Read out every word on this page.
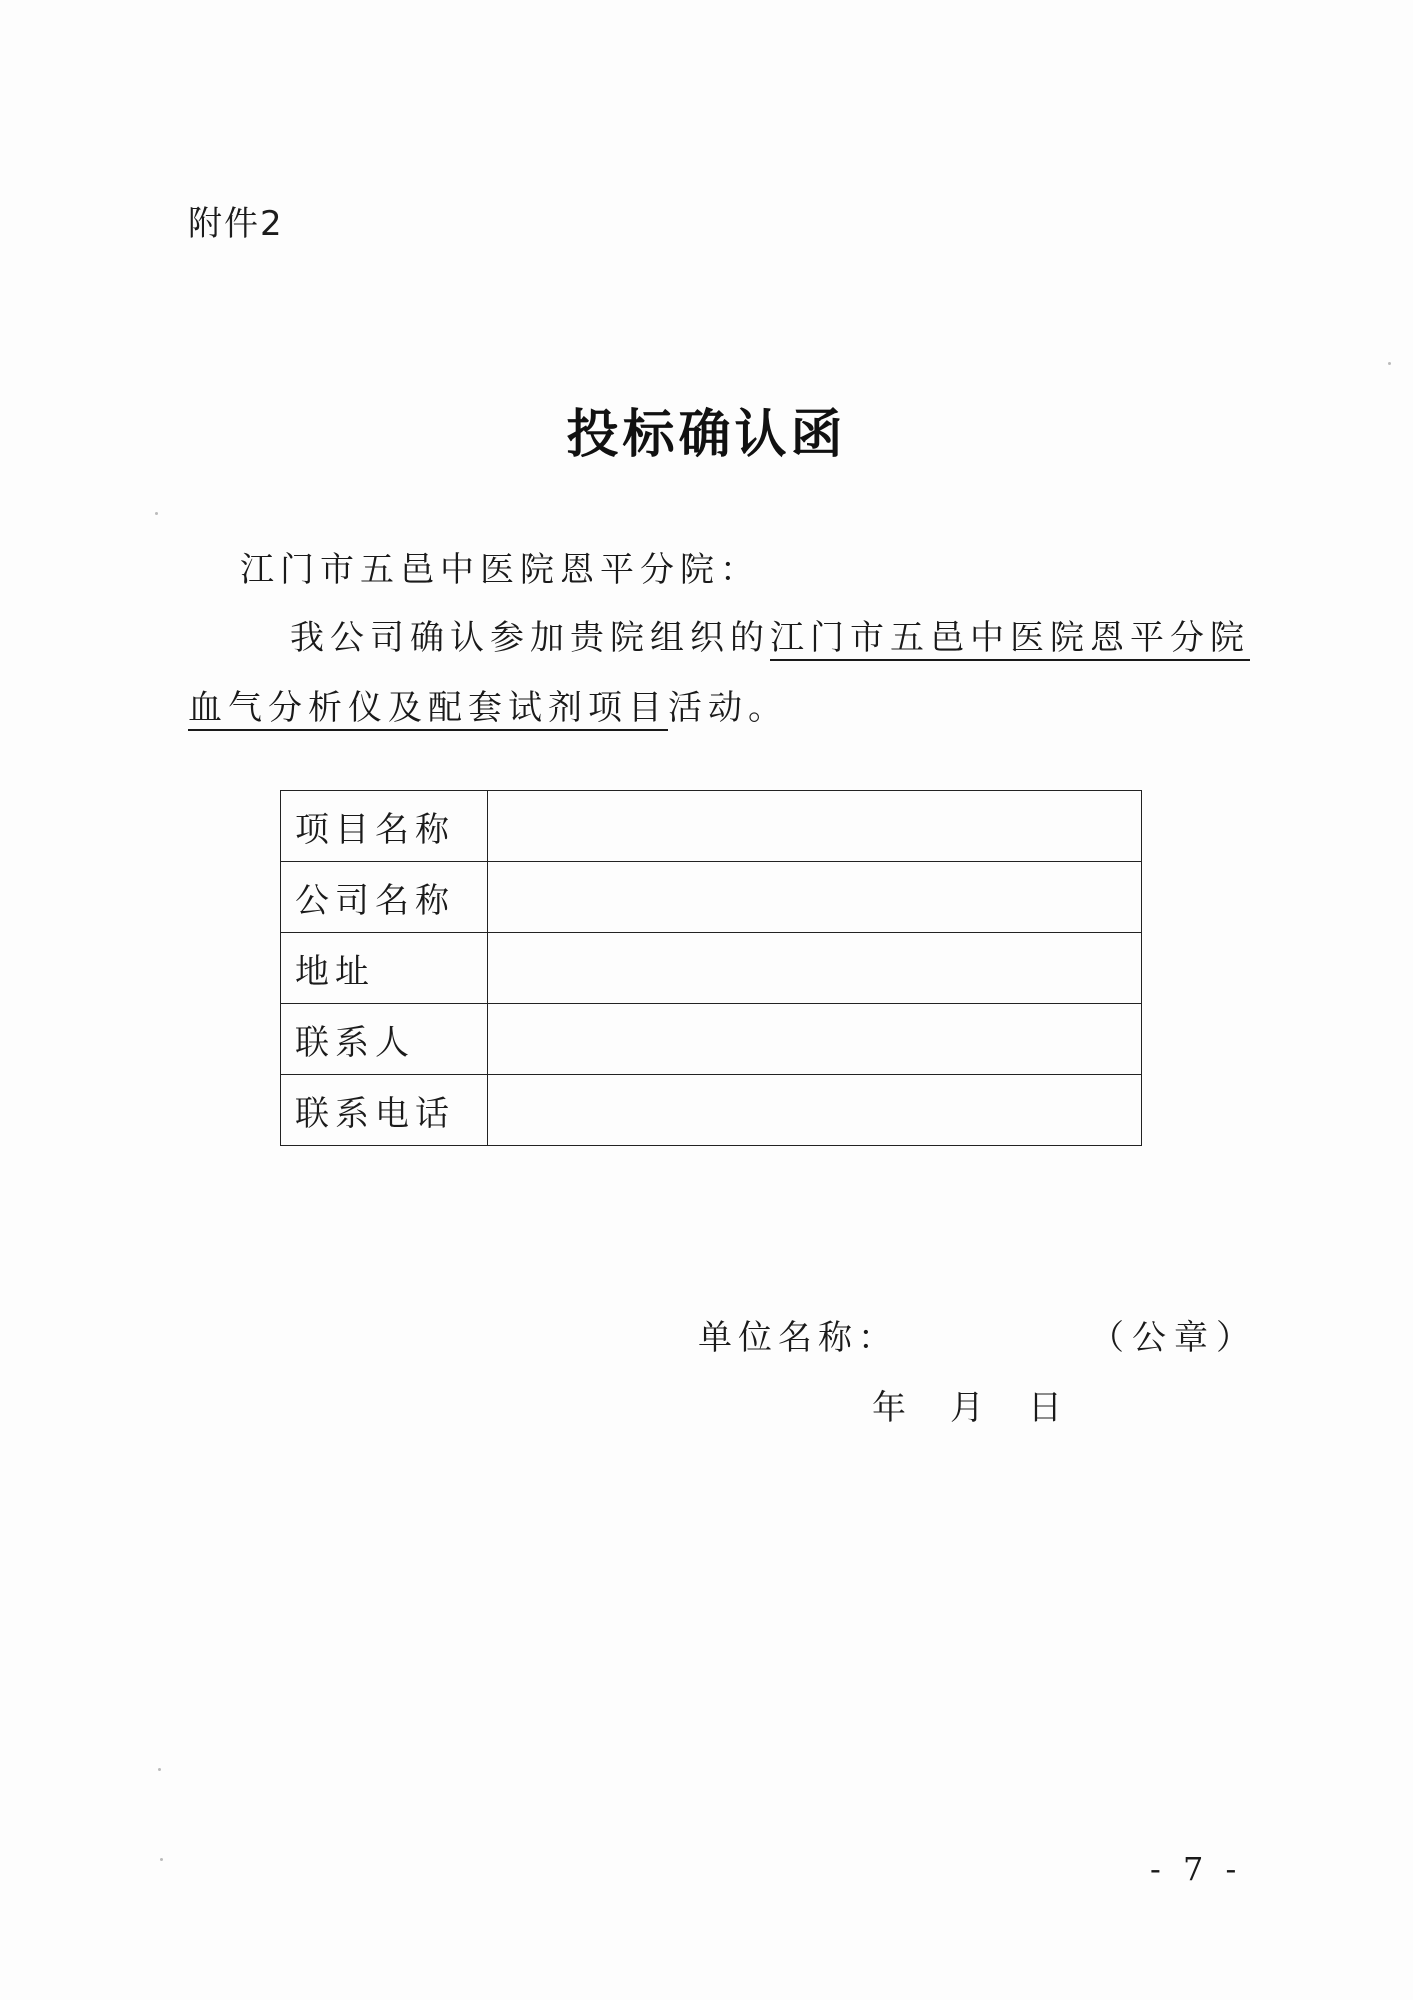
附件2
投标确认函
江门市五邑中医院恩平分院：
我公司确认参加贵院组织的江门市五邑中医院恩平分院
血气分析仪及配套试剂项目活动。
项目名称	
公司名称	
地址	
联系人	
联系电话	
单位名称：	（公章）
年 月 日
- 7 -
